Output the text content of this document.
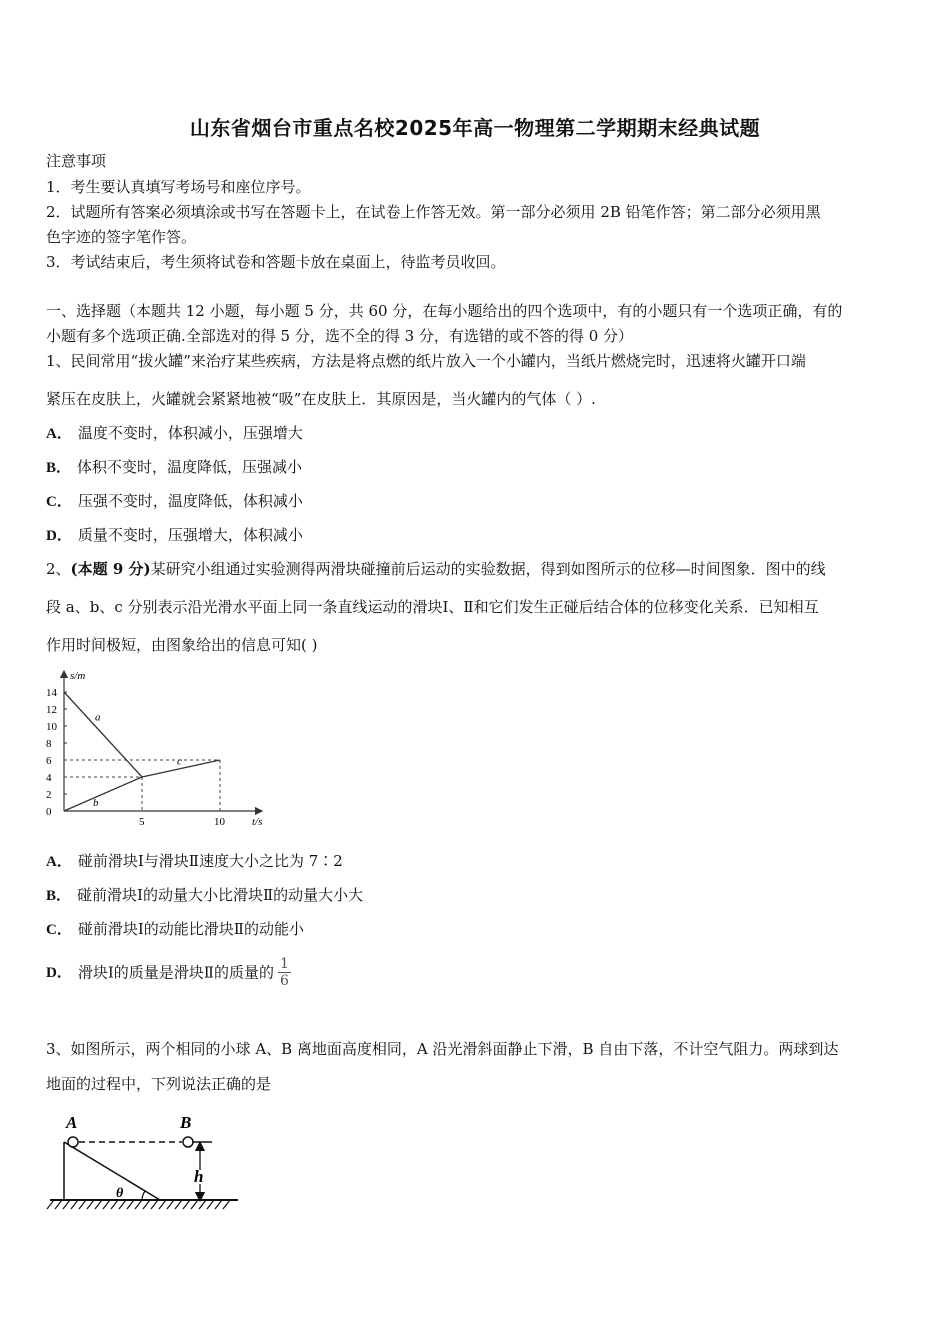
山东省烟台市重点名校2025年高一物理第二学期期末经典试题
注意事项
1．考生要认真填写考场号和座位序号。
2．试题所有答案必须填涂或书写在答题卡上，在试卷上作答无效。第一部分必须用 2B 铅笔作答；第二部分必须用黑
色字迹的签字笔作答。
3．考试结束后，考生须将试卷和答题卡放在桌面上，待监考员收回。
一、选择题（本题共 12 小题，每小题 5 分，共 60 分，在每小题给出的四个选项中，有的小题只有一个选项正确，有的
小题有多个选项正确.全部选对的得 5 分，选不全的得 3 分，有选错的或不答的得 0 分）
1、民间常用“拔火罐”来治疗某些疾病，方法是将点燃的纸片放入一个小罐内，当纸片燃烧完时，迅速将火罐开口端
紧压在皮肤上，火罐就会紧紧地被“吸”在皮肤上．其原因是，当火罐内的气体（ ）.
A． 温度不变时，体积减小，压强增大
B． 体积不变时，温度降低，压强减小
C． 压强不变时，温度降低，体积减小
D． 质量不变时，压强增大，体积减小
2、(本题 9 分)某研究小组通过实验测得两滑块碰撞前后运动的实验数据，得到如图所示的位移—时间图象．图中的线
段 a、b、c 分别表示沿光滑水平面上同一条直线运动的滑块Ⅰ、Ⅱ和它们发生正碰后结合体的位移变化关系．已知相互
作用时间极短，由图象给出的信息可知( )
s/m
t/s
0
2
4
6
8
10
12
14
5	10
a
b
c
A． 碰前滑块Ⅰ与滑块Ⅱ速度大小之比为 7∶2
B． 碰前滑块Ⅰ的动量大小比滑块Ⅱ的动量大小大
C． 碰前滑块Ⅰ的动能比滑块Ⅱ的动能小
D． 滑块Ⅰ的质量是滑块Ⅱ的质量的 $\frac{1}{6}$
3、如图所示，两个相同的小球 A、B 离地面高度相同，A 沿光滑斜面静止下滑，B 自由下落，不计空气阻力。两球到达
地面的过程中，下列说法正确的是
A	B
h
θ
